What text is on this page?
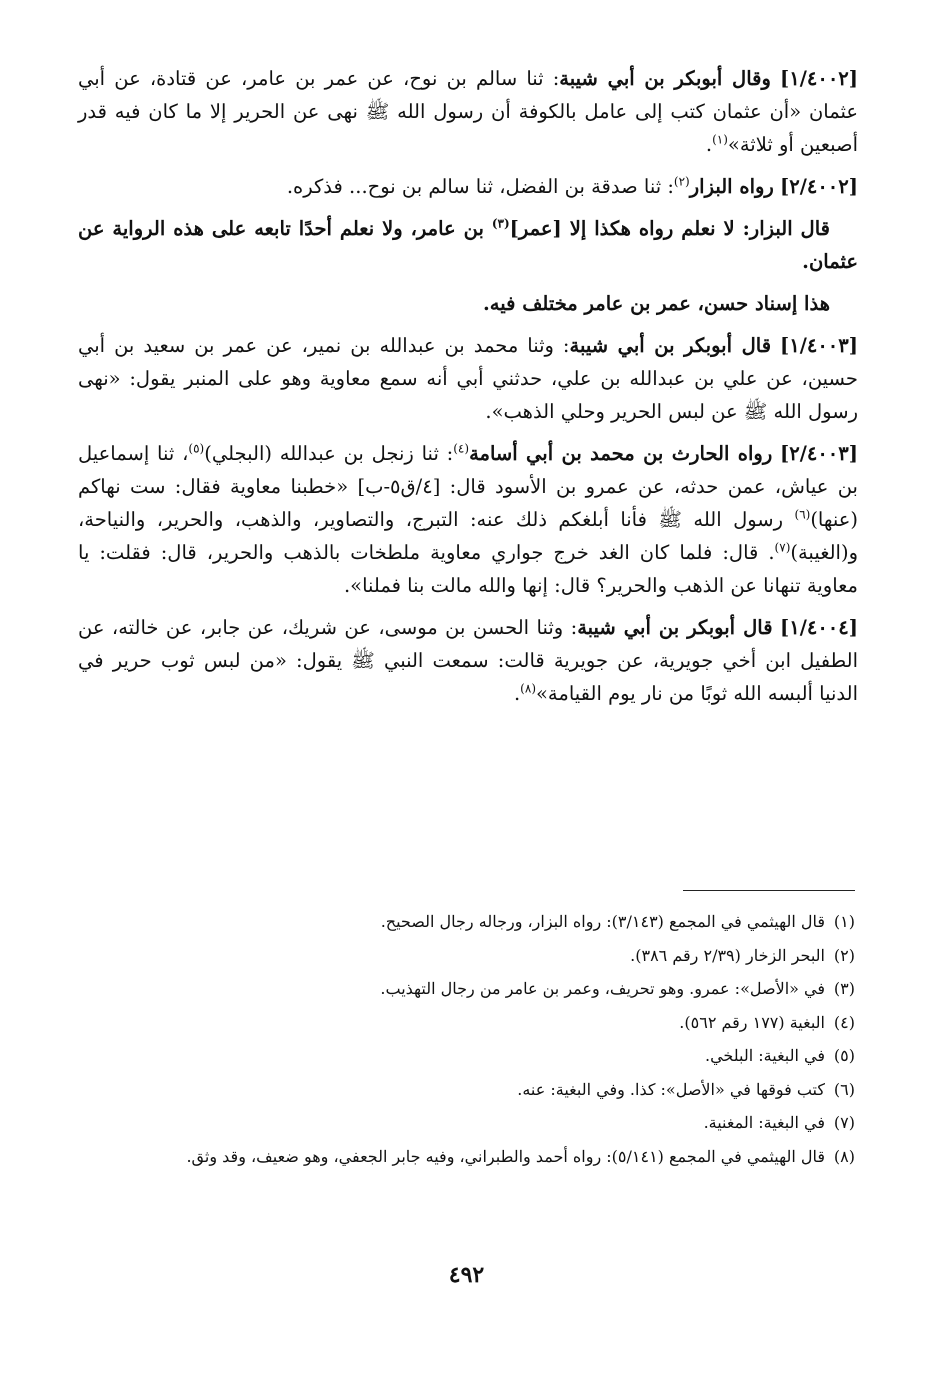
[١/٤٠٠٢] وقال أبوبكر بن أبي شيبة: ثنا سالم بن نوح، عن عمر بن عامر، عن قتادة، عن أبي عثمان «أن عثمان كتب إلى عامل بالكوفة أن رسول الله ﷺ نهى عن الحرير إلا ما كان فيه قدر أصبعين أو ثلاثة»$^{(١)}$.

[٢/٤٠٠٢] رواه البزار$^{(٢)}$: ثنا صدقة بن الفضل، ثنا سالم بن نوح... فذكره.

قال البزار: لا نعلم رواه هكذا إلا [عمر]$^{(٣)}$ بن عامر، ولا نعلم أحدًا تابعه على هذه الرواية عن عثمان.

هذا إسناد حسن، عمر بن عامر مختلف فيه.

[١/٤٠٠٣] قال أبوبكر بن أبي شيبة: وثنا محمد بن عبدالله بن نمير، عن عمر بن سعيد بن أبي حسين، عن علي بن عبدالله بن علي، حدثني أبي أنه سمع معاوية وهو على المنبر يقول: «نهى رسول الله ﷺ عن لبس الحرير وحلي الذهب».

[٢/٤٠٠٣] رواه الحارث بن محمد بن أبي أسامة$^{(٤)}$: ثنا زنجل بن عبدالله (البجلي)$^{(٥)}$، ثنا إسماعيل بن عياش، عمن حدثه، عن عمرو بن الأسود قال: [٤/ق٥-ب] «خطبنا معاوية فقال: ست نهاكم (عنها)$^{(٦)}$ رسول الله ﷺ فأنا أبلغكم ذلك عنه: التبرج، والتصاوير، والذهب، والحرير، والنياحة، و(الغيبة)$^{(٧)}$. قال: فلما كان الغد خرج جواري معاوية ملطخات بالذهب والحرير، قال: فقلت: يا معاوية تنهانا عن الذهب والحرير؟ قال: إنها والله مالت بنا فملنا».

[١/٤٠٠٤] قال أبوبكر بن أبي شيبة: وثنا الحسن بن موسى، عن شريك، عن جابر، عن خالته، عن الطفيل ابن أخي جويرية، عن جويرية قالت: سمعت النبي ﷺ يقول: «من لبس ثوب حرير في الدنيا ألبسه الله ثوبًا من نار يوم القيامة»$^{(٨)}$.

(١)قال الهيثمي في المجمع (٣/١٤٣): رواه البزار، ورجاله رجال الصحيح.

(٢)البحر الزخار (٢/٣٩ رقم ٣٨٦).

(٣)في «الأصل»: عمرو. وهو تحريف، وعمر بن عامر من رجال التهذيب.

(٤)البغية (١٧٧ رقم ٥٦٢).

(٥)في البغية: البلخي.

(٦)كتب فوقها في «الأصل»: كذا. وفي البغية: عنه.

(٧)في البغية: المغنية.

(٨)قال الهيثمي في المجمع (٥/١٤١): رواه أحمد والطبراني، وفيه جابر الجعفي، وهو ضعيف، وقد وثق.

٤٩٢
